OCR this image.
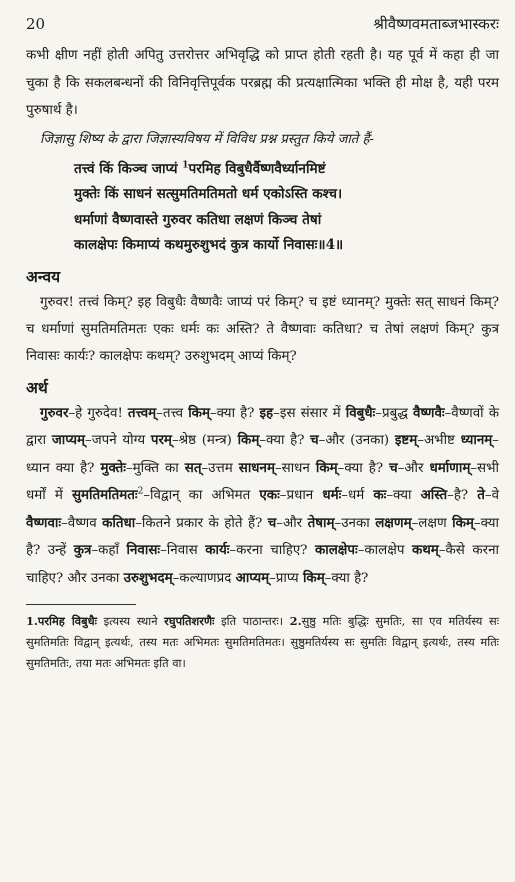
20	श्रीवैष्णवमताब्जभास्करः

कभी क्षीण नहीं होती अपितु उत्तरोत्तर अभिवृद्धि को प्राप्त होती रहती है। यह पूर्व में कहा ही जा चुका है कि सकलबन्धनों की विनिवृत्तिपूर्वक परब्रह्म की प्रत्यक्षात्मिका भक्ति ही मोक्ष है, यही परम पुरुषार्थ है।

जिज्ञासु शिष्य के द्वारा जिज्ञास्यविषय में विविध प्रश्न प्रस्तुत किये जाते हैं-

तत्त्वं किं किञ्च जाप्यं $^1$परमिह विबुधैर्वैष्णवैर्ध्यानमिष्टं
मुक्तेः किं साधनं सत्सुमतिमतिमतो धर्म एकोऽस्ति कश्च।
धर्माणां वैष्णवास्ते गुरुवर कतिधा लक्षणं किञ्च तेषां
कालक्षेपः किमाप्यं कथमुरुशुभदं कुत्र कार्यो निवासः॥4॥
अन्वय

गुरुवर! तत्त्वं किम्? इह विबुधैः वैष्णवैः जाप्यं परं किम्? च इष्टं ध्यानम्? मुक्तेः सत् साधनं किम्? च धर्माणां सुमतिमतिमतः एकः धर्मः कः अस्ति? ते वैष्णवाः कतिधा? च तेषां लक्षणं किम्? कुत्र निवासः कार्यः? कालक्षेपः कथम्? उरुशुभदम् आप्यं किम्?

अर्थ

गुरुवर–हे गुरुदेव! तत्त्वम्–तत्त्व किम्–क्या है? इह–इस संसार में विबुधैः–प्रबुद्ध वैष्णवैः–वैष्णवों के द्वारा जाप्यम्–जपने योग्य परम्–श्रेष्ठ (मन्त्र) किम्–क्या है? च–और (उनका) इष्टम्–अभीष्ट ध्यानम्–ध्यान क्या है? मुक्तेः–मुक्ति का सत्–उत्तम साधनम्–साधन किम्–क्या है? च–और धर्माणाम्–सभी धर्मों में सुमतिमतिमतः$^2$–विद्वान् का अभिमत एकः–प्रधान धर्मः–धर्म कः–क्या अस्ति–है? ते–वे वैष्णवाः–वैष्णव कतिधा–कितने प्रकार के होते हैं? च–और तेषाम्–उनका लक्षणम्–लक्षण किम्–क्या है? उन्हें कुत्र–कहाँ निवासः–निवास कार्यः–करना चाहिए? कालक्षेपः–कालक्षेप कथम्–कैसे करना चाहिए? और उनका उरुशुभदम्–कल्याणप्रद आप्यम्–प्राप्य किम्–क्या है?

1.परमिह विबुधैः इत्यस्य स्थाने रघुपतिशरणैः इति पाठान्तरः। 2.सुष्ठु मतिः बुद्धिः सुमतिः, सा एव मतिर्यस्य सः सुमतिमतिः विद्वान् इत्यर्थः, तस्य मतः अभिमतः सुमतिमतिमतः। सुष्ठुमतिर्यस्य सः सुमतिः विद्वान् इत्यर्थः, तस्य मतिः सुमतिमतिः, तया मतः अभिमतः इति वा।
